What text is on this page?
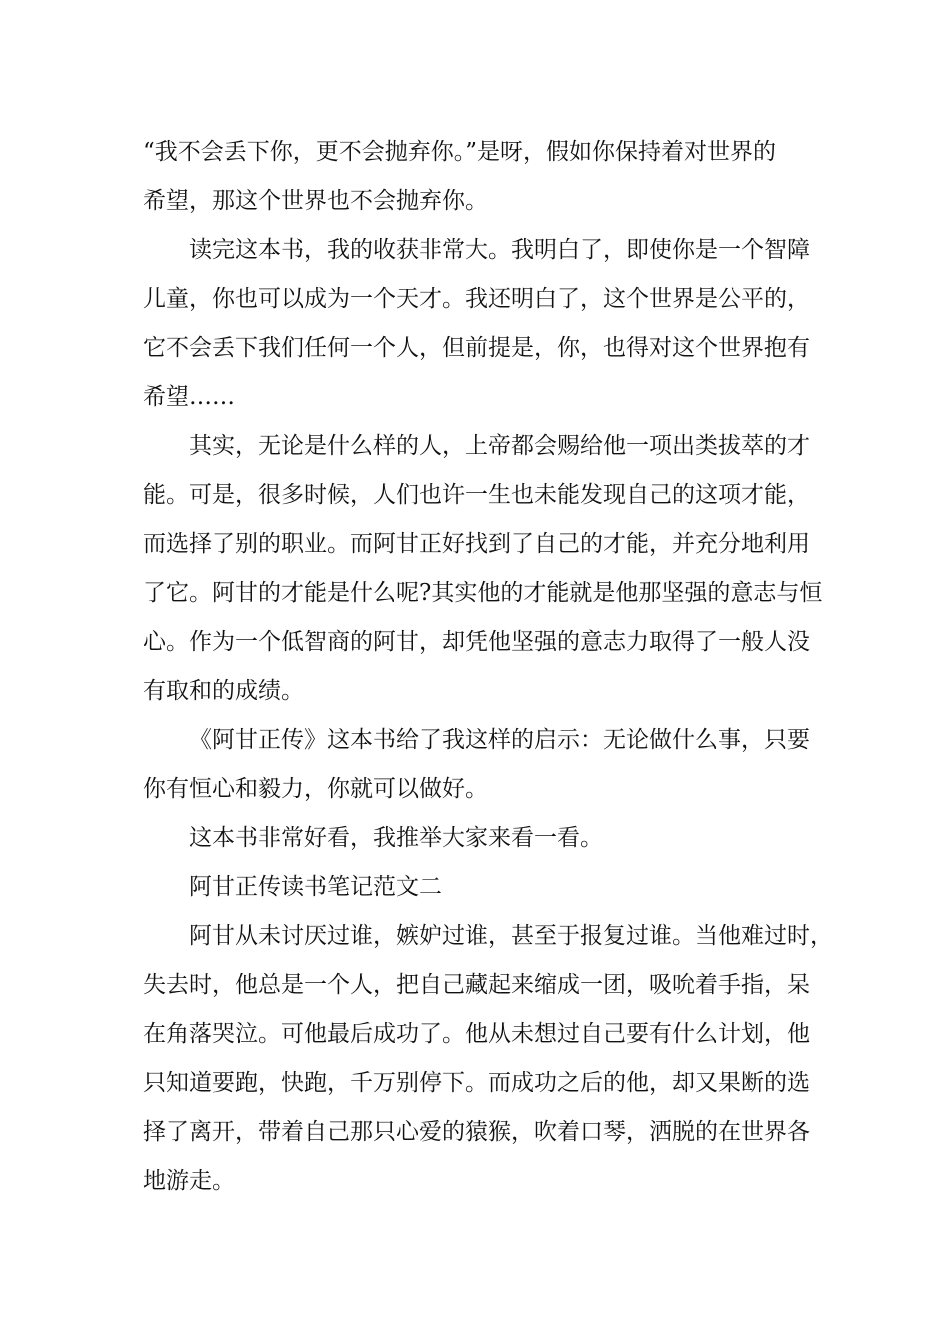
“我不会丢下你，更不会抛弃你。”是呀，假如你保持着对世界的
希望，那这个世界也不会抛弃你。
读完这本书，我的收获非常大。我明白了，即使你是一个智障
儿童，你也可以成为一个天才。我还明白了，这个世界是公平的，
它不会丢下我们任何一个人，但前提是，你，也得对这个世界抱有
希望……
其实，无论是什么样的人，上帝都会赐给他一项出类拔萃的才
能。可是，很多时候，人们也许一生也未能发现自己的这项才能，
而选择了别的职业。而阿甘正好找到了自己的才能，并充分地利用
了它。阿甘的才能是什么呢?其实他的才能就是他那坚强的意志与恒
心。作为一个低智商的阿甘，却凭他坚强的意志力取得了一般人没
有取和的成绩。
《阿甘正传》这本书给了我这样的启示：无论做什么事，只要
你有恒心和毅力，你就可以做好。
这本书非常好看，我推举大家来看一看。
阿甘正传读书笔记范文二
阿甘从未讨厌过谁，嫉妒过谁，甚至于报复过谁。当他难过时，
失去时，他总是一个人，把自己藏起来缩成一团，吸吮着手指，呆
在角落哭泣。可他最后成功了。他从未想过自己要有什么计划，他
只知道要跑，快跑，千万别停下。而成功之后的他，却又果断的选
择了离开，带着自己那只心爱的猿猴，吹着口琴，洒脱的在世界各
地游走。
